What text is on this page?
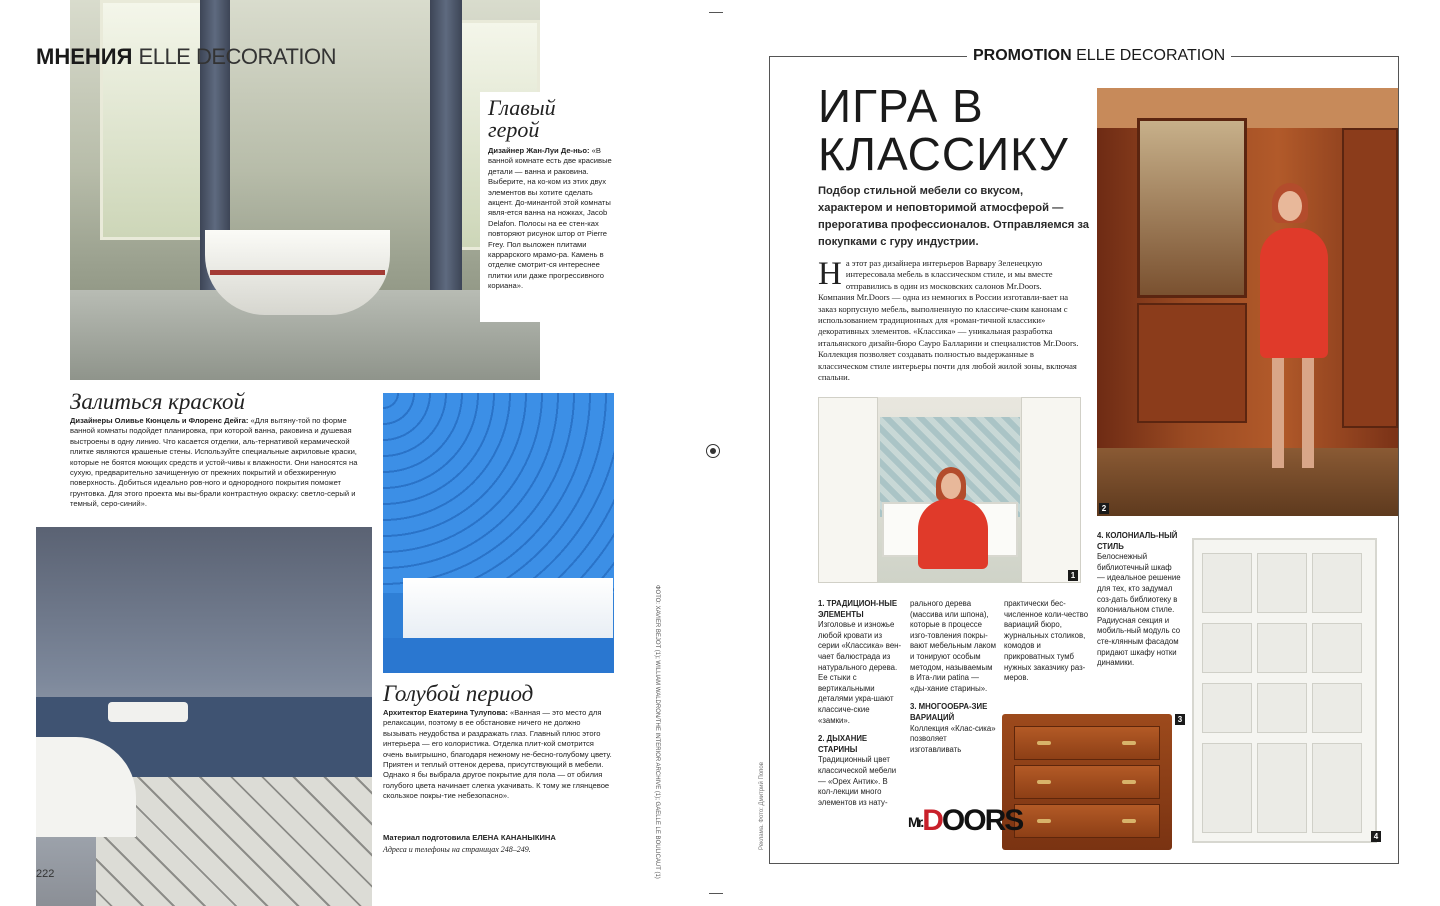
МНЕНИЯ ELLE DECORATION
Главый герой
Дизайнер Жан-Луи Де-ньо: «В ванной комнате есть две красивые детали — ванна и раковина. Выберите, на ко-ком из этих двух элементов вы хотите сделать акцент. До-минантой этой комнаты явля-ется ванна на ножках, Jacob Delafon. Полосы на ее стен-ках повторяют рисунок штор от Pierre Frey. Пол выложен плитами каррарского мрамо-ра. Камень в отделке смотрит-ся интереснее плитки или даже прогрессивного кориана».
Залиться краской
Дизайнеры Оливье Кюнцель и Флоренс Дейга: «Для вытяну-той по форме ванной комнаты подойдет планировка, при которой ванна, раковина и душевая выстроены в одну линию. Что касается отделки, аль-тернативой керамической плитке являются крашеные стены. Используйте специальные акриловые краски, которые не боятся моющих средств и устой-чивы к влажности. Они наносятся на сухую, предварительно зачищенную от прежних покрытий и обезжиренную поверхность. Добиться идеально ров-ного и однородного покрытия поможет грунтовка. Для этого проекта мы вы-брали контрастную окраску: светло-серый и темный, серо-синий».
Голубой период
Архитектор Екатерина Тулупова: «Ванная — это место для релаксации, поэтому в ее обстановке ничего не должно вызывать неудобства и раздражать глаз. Главный плюс этого интерьера — его колористика. Отделка плит-кой смотрится очень выигрышно, благодаря нежному не-бесно-голубому цвету. Приятен и теплый оттенок дерева, присутствующий в мебели. Однако я бы выбрала другое покрытие для пола — от обилия голубого цвета начинает слегка укачивать. К тому же глянцевое скользкое покры-тие небезопасно».
Материал подготовила ЕЛЕНА КАНАНЫКИНА
Адреса и телефоны на страницах 248–249.	ФОТО: XAVIER BEJOT (1); WILLIAM WALDRON/THE INTERIOR ARCHIVE (1); GAELLE LE BOULICAUT (1)
222
PROMOTION ELLE DECORATION
ИГРА В
КЛАССИКУ
Подбор стильной мебели со вкусом, характером и неповторимой атмосферой — прерогатива профессионалов. Отправляемся за покупками с гуру индустрии.
На этот раз дизайнера интерьеров Варвару Зеленецкую интересовала мебель в классическом стиле, и мы вместе отправились в один из московских салонов Mr.Doors. Компания Mr.Doors — одна из немногих в России изготавли-вает на заказ корпусную мебель, выполненную по классиче-ским канонам с использованием традиционных для «роман-тичной классики» декоративных элементов. «Классика» — уникальная разработка итальянского дизайн-бюро Сауро Балларини и специалистов Mr.Doors. Коллекция позволяет создавать полностью выдержанные в классическом стиле интерьеры почти для любой жилой зоны, включая спальни.
2
1
1. ТРАДИЦИОН-НЫЕ ЭЛЕМЕНТЫ
Изголовье и изножье любой кровати из серии «Классика» вен-чает балюстрада из натурального дерева. Ее стыки с вертикальными деталями укра-шают классиче-ские «замки».
2. ДЫХАНИЕ СТАРИНЫ
Традиционный цвет классической мебели — «Орех Антик». В кол-лекции много элементов из нату-
рального дерева (массива или шпона), которые в процессе изго-товления покры-вают мебельным лаком и тонируют особым методом, называемым в Ита-лии patina — «ды-хание старины».
3. МНОГООБРА-ЗИЕ ВАРИАЦИЙ
Коллекция «Клас-сика» позволяет изготавливать
практически бес-численное коли-чество вариаций бюро, журнальных столиков, комодов и прикроватных тумб нужных заказчику раз-меров.
4. КОЛОНИАЛЬ-НЫЙ СТИЛЬ
Белоснежный библиотечный шкаф — идеальное решение для тех, кто задумал соз-дать библиотеку в колониальном стиле. Радиусная секция и мобиль-ный модуль со сте-клянным фасадом придают шкафу нотки динамики.
3
4
Mr.DOORS
Реклама. Фото: Дмитрий Попов
